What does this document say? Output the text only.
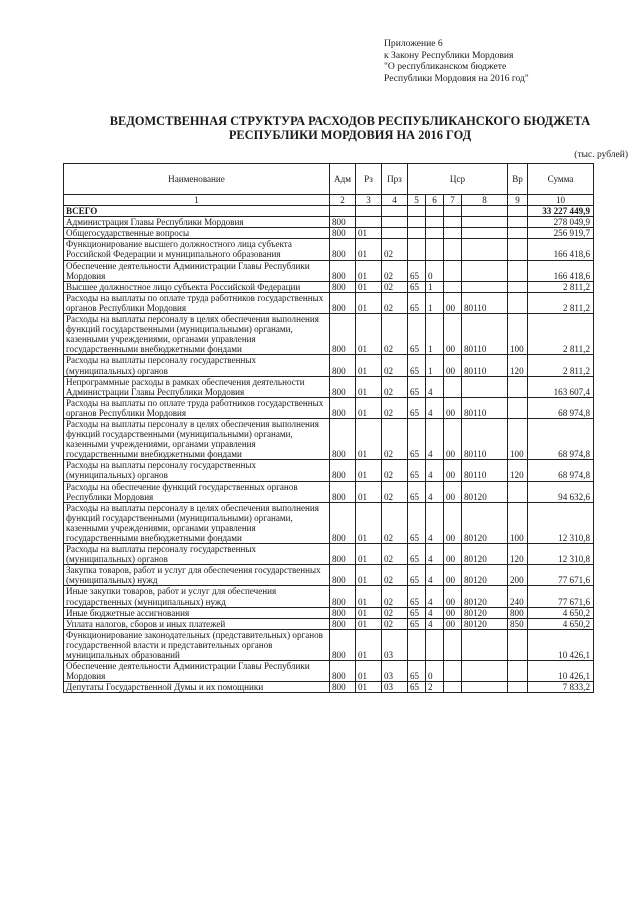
Приложение 6
к Закону Республики Мордовия
"О республиканском бюджете
Республики Мордовия на 2016 год"
ВЕДОМСТВЕННАЯ СТРУКТУРА РАСХОДОВ РЕСПУБЛИКАНСКОГО БЮДЖЕТА
РЕСПУБЛИКИ МОРДОВИЯ НА 2016 ГОД
(тыс. рублей)
Наименование	Адм	Рз	Прз	Цср				Вр	Сумма
1	2	3	4	5	6	7	8	9	10
ВСЕГО									33 227 449,9
Администрация Главы Республики Мордовия	800								278 049,9
Общегосударственные вопросы	800	01							256 919,7
Функционирование высшего должностного лица субъекта Российской Федерации и муниципального образования	800	01	02						166 418,6
Обеспечение деятельности Администрации Главы Республики Мордовия	800	01	02	65	0				166 418,6
Высшее должностное лицо субъекта Российской Федерации	800	01	02	65	1				2 811,2
Расходы на выплаты по оплате труда работников государственных органов Республики Мордовия	800	01	02	65	1	00	80110		2 811,2
Расходы на выплаты персоналу в целях обеспечения выполнения функций государственными (муниципальными) органами, казенными учреждениями, органами управления государственными внебюджетными фондами	800	01	02	65	1	00	80110	100	2 811,2
Расходы на выплаты персоналу государственных (муниципальных) органов	800	01	02	65	1	00	80110	120	2 811,2
Непрограммные расходы в рамках обеспечения деятельности Администрации Главы Республики Мордовия	800	01	02	65	4				163 607,4
Расходы на выплаты по оплате труда работников государственных органов Республики Мордовия	800	01	02	65	4	00	80110		68 974,8
Расходы на выплаты персоналу в целях обеспечения выполнения функций государственными (муниципальными) органами, казенными учреждениями, органами управления государственными внебюджетными фондами	800	01	02	65	4	00	80110	100	68 974,8
Расходы на выплаты персоналу государственных (муниципальных) органов	800	01	02	65	4	00	80110	120	68 974,8
Расходы на обеспечение функций государственных органов Республики Мордовия	800	01	02	65	4	00	80120		94 632,6
Расходы на выплаты персоналу в целях обеспечения выполнения функций государственными (муниципальными) органами, казенными учреждениями, органами управления государственными внебюджетными фондами	800	01	02	65	4	00	80120	100	12 310,8
Расходы на выплаты персоналу государственных (муниципальных) органов	800	01	02	65	4	00	80120	120	12 310,8
Закупка товаров, работ и услуг для обеспечения государственных (муниципальных) нужд	800	01	02	65	4	00	80120	200	77 671,6
Иные закупки товаров, работ и услуг для обеспечения государственных (муниципальных) нужд	800	01	02	65	4	00	80120	240	77 671,6
Иные бюджетные ассигнования	800	01	02	65	4	00	80120	800	4 650,2
Уплата налогов, сборов и иных платежей	800	01	02	65	4	00	80120	850	4 650,2
Функционирование законодательных (представительных) органов государственной власти и представительных органов муниципальных образований	800	01	03						10 426,1
Обеспечение деятельности Администрации Главы Республики Мордовия	800	01	03	65	0				10 426,1
Депутаты Государственной Думы и их помощники	800	01	03	65	2				7 833,2
